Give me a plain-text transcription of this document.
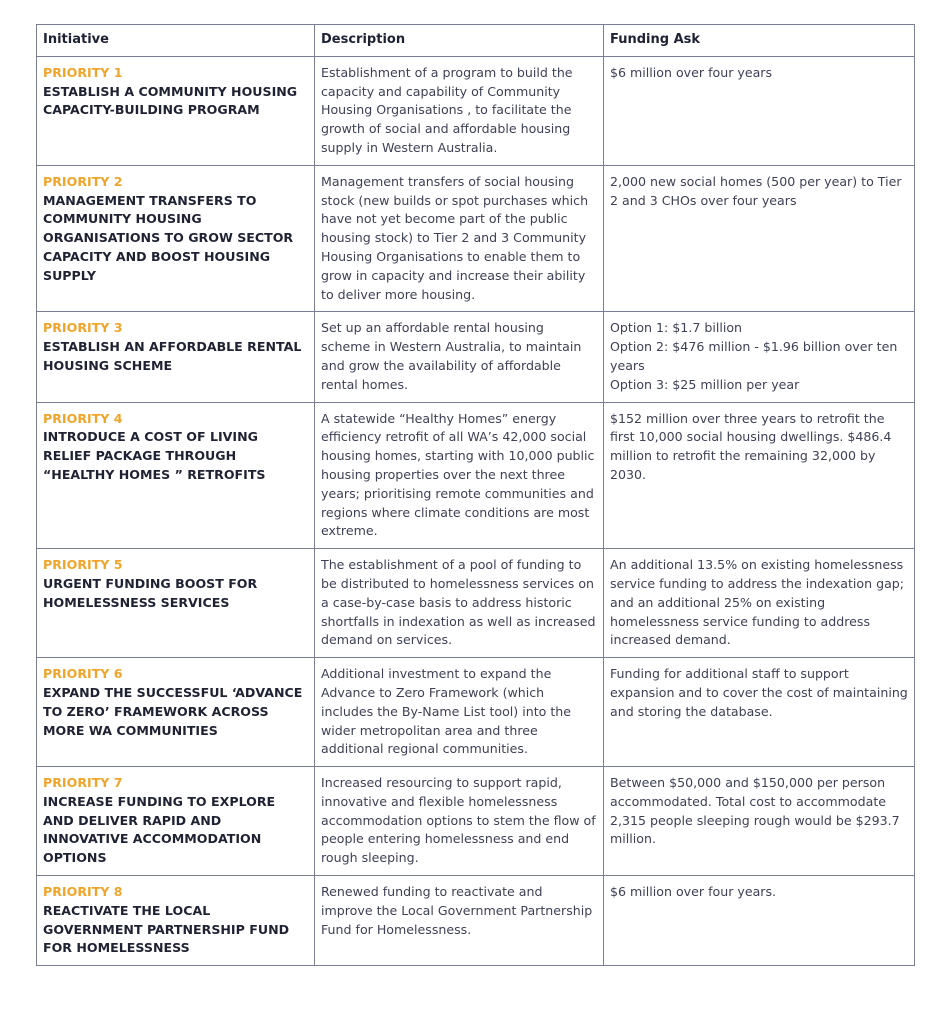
Initiative	Description	Funding Ask

PRIORITY 1
ESTABLISH A COMMUNITY HOUSING CAPACITY-BUILDING PROGRAM	Establishment of a program to build the capacity and capability of Community Housing Organisations , to facilitate the growth of social and affordable housing supply in Western Australia.	$6 million over four years

PRIORITY 2
MANAGEMENT TRANSFERS TO COMMUNITY HOUSING ORGANISATIONS TO GROW SECTOR CAPACITY AND BOOST HOUSING SUPPLY	Management transfers of social housing stock (new builds or spot purchases which have not yet become part of the public housing stock) to Tier 2 and 3 Community Housing Organisations to enable them to grow in capacity and increase their ability to deliver more housing.	2,000 new social homes (500 per year) to Tier 2 and 3 CHOs over four years

PRIORITY 3
ESTABLISH AN AFFORDABLE RENTAL HOUSING SCHEME	Set up an affordable rental housing scheme in Western Australia, to maintain and grow the availability of affordable rental homes.	Option 1: $1.7 billion
Option 2: $476 million - $1.96 billion over ten years
Option 3: $25 million per year

PRIORITY 4
INTRODUCE A COST OF LIVING RELIEF PACKAGE THROUGH “HEALTHY HOMES ” RETROFITS	A statewide “Healthy Homes” energy efficiency retrofit of all WA’s 42,000 social housing homes, starting with 10,000 public housing properties over the next three years; prioritising remote communities and regions where climate conditions are most extreme.	$152 million over three years to retrofit the first 10,000 social housing dwellings. $486.4 million to retrofit the remaining 32,000 by 2030.

PRIORITY 5
URGENT FUNDING BOOST FOR HOMELESSNESS SERVICES	The establishment of a pool of funding to be distributed to homelessness services on a case-by-case basis to address historic shortfalls in indexation as well as increased demand on services.	An additional 13.5% on existing homelessness service funding to address the indexation gap; and an additional 25% on existing homelessness service funding to address increased demand.

PRIORITY 6
EXPAND THE SUCCESSFUL ‘ADVANCE TO ZERO’ FRAMEWORK ACROSS MORE WA COMMUNITIES	Additional investment to expand the Advance to Zero Framework (which includes the By-Name List tool) into the wider metropolitan area and three additional regional communities.	Funding for additional staff to support expansion and to cover the cost of maintaining and storing the database.

PRIORITY 7
INCREASE FUNDING TO EXPLORE AND DELIVER RAPID AND INNOVATIVE ACCOMMODATION OPTIONS	Increased resourcing to support rapid, innovative and flexible homelessness accommodation options to stem the flow of people entering homelessness and end rough sleeping.	Between $50,000 and $150,000 per person accommodated. Total cost to accommodate 2,315 people sleeping rough would be $293.7 million.

PRIORITY 8
REACTIVATE THE LOCAL GOVERNMENT PARTNERSHIP FUND FOR HOMELESSNESS	Renewed funding to reactivate and improve the Local Government Partnership Fund for Homelessness.	$6 million over four years.
